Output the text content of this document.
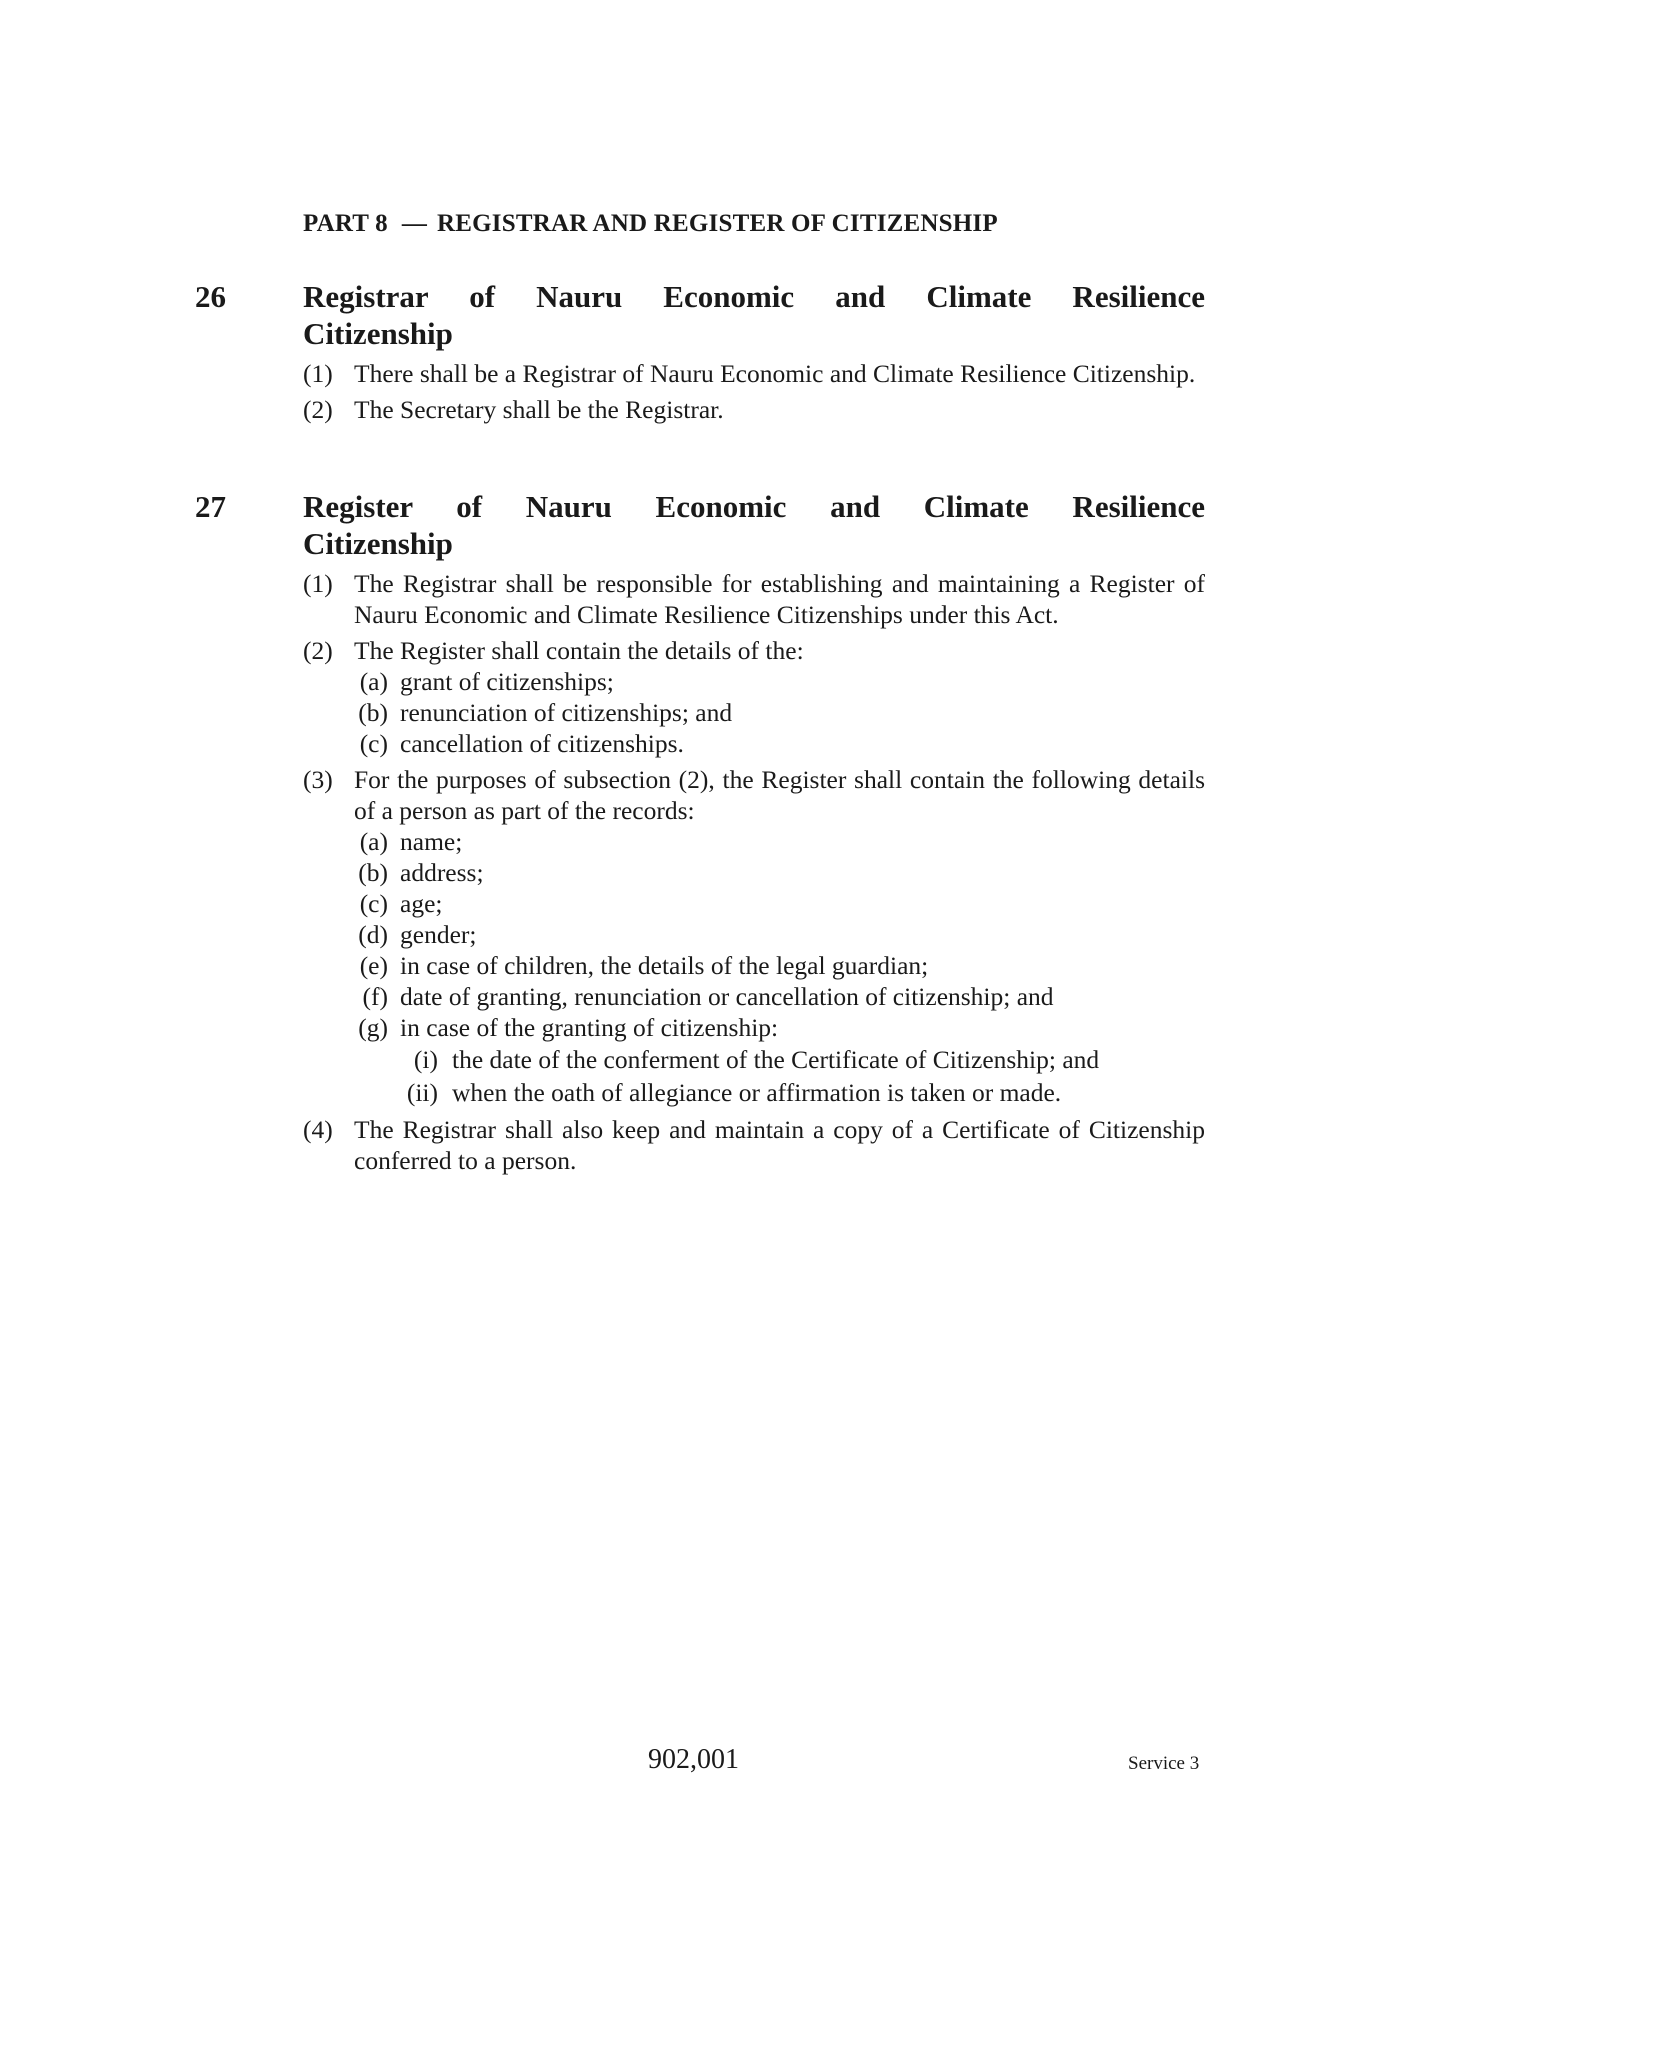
PART 8 — REGISTRAR AND REGISTER OF CITIZENSHIP
26 Registrar of Nauru Economic and Climate Resilience
Citizenship
(1) There shall be a Registrar of Nauru Economic and Climate Resilience Citizenship.
(2) The Secretary shall be the Registrar.
27 Register of Nauru Economic and Climate Resilience
Citizenship
(1) The Registrar shall be responsible for establishing and maintaining a Register of Nauru Economic and Climate Resilience Citizenships under this Act.
(2) The Register shall contain the details of the:
(a) grant of citizenships;
(b) renunciation of citizenships; and
(c) cancellation of citizenships.
(3) For the purposes of subsection (2), the Register shall contain the following details of a person as part of the records:
(a) name;
(b) address;
(c) age;
(d) gender;
(e) in case of children, the details of the legal guardian;
(f) date of granting, renunciation or cancellation of citizenship; and
(g) in case of the granting of citizenship:
(i) the date of the conferment of the Certificate of Citizenship; and
(ii) when the oath of allegiance or affirmation is taken or made.
(4) The Registrar shall also keep and maintain a copy of a Certificate of Citizenship conferred to a person.
902,001	Service 3
